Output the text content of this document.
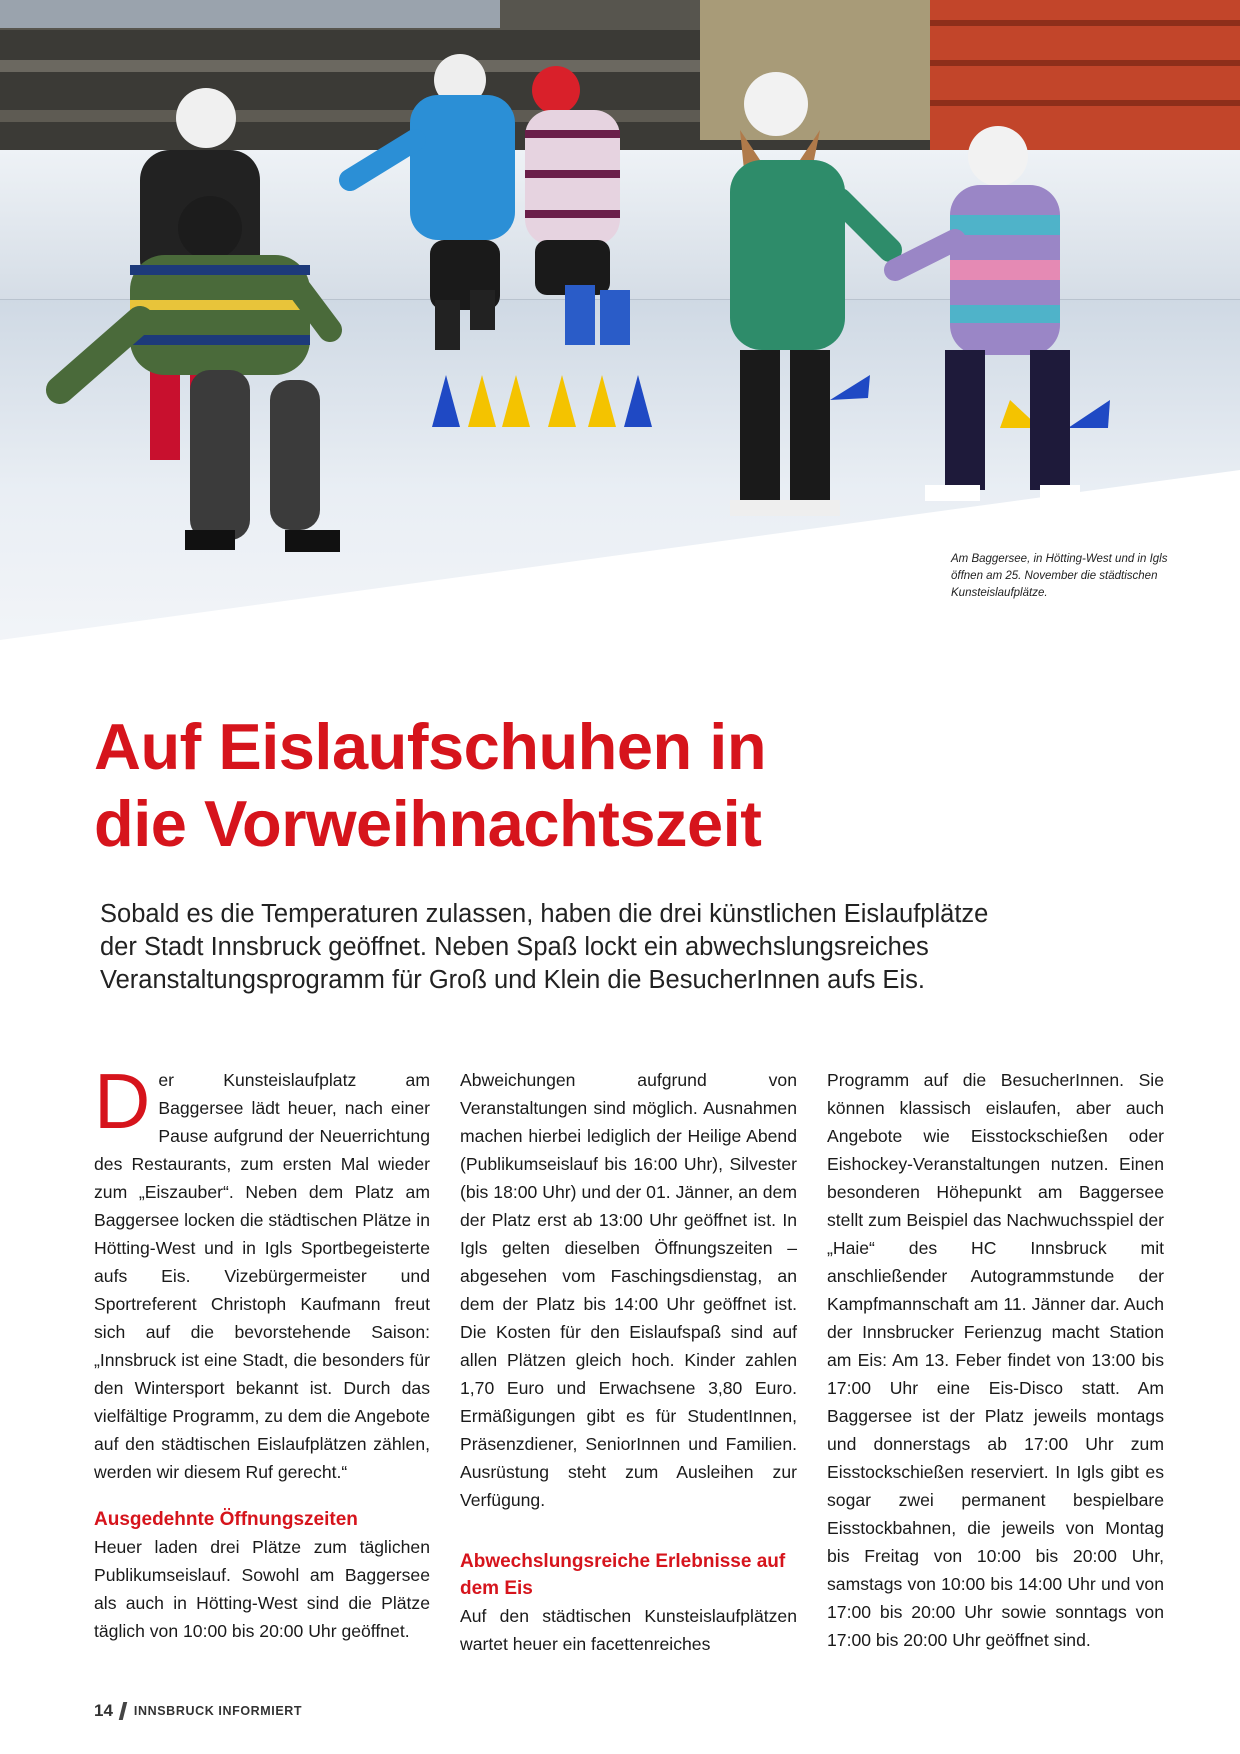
Am Baggersee, in Hötting-West und in Igls öffnen am 25. November die städtischen Kunsteislaufplätze.
Auf Eislaufschuhen in
die Vorweihnachtszeit
Sobald es die Temperaturen zulassen, haben die drei künstlichen Eislaufplätze
der Stadt Innsbruck geöffnet. Neben Spaß lockt ein abwechslungsreiches
Veranstaltungsprogramm für Groß und Klein die BesucherInnen aufs Eis.

Der Kunsteislaufplatz am Baggersee lädt heuer, nach einer Pause aufgrund der Neuerrichtung des Restaurants, zum ersten Mal wieder zum „Eiszauber“. Neben dem Platz am Baggersee locken die städtischen Plätze in Hötting-West und in Igls Sportbegeisterte aufs Eis. Vizebürgermeister und Sportreferent Christoph Kaufmann freut sich auf die bevorstehende Saison: „Innsbruck ist eine Stadt, die besonders für den Wintersport bekannt ist. Durch das vielfältige Programm, zu dem die Angebote auf den städtischen Eislaufplätzen zählen, werden wir diesem Ruf gerecht.“

Ausgedehnte Öffnungszeiten

Heuer laden drei Plätze zum täglichen Publikumseislauf. Sowohl am Baggersee als auch in Hötting-West sind die Plätze täglich von 10:00 bis 20:00 Uhr geöffnet.

Abweichungen aufgrund von Veranstaltungen sind möglich. Ausnahmen machen hierbei lediglich der Heilige Abend (Publikumseislauf bis 16:00 Uhr), Silvester (bis 18:00 Uhr) und der 01. Jänner, an dem der Platz erst ab 13:00 Uhr geöffnet ist. In Igls gelten dieselben Öffnungszeiten – abgesehen vom Faschingsdienstag, an dem der Platz bis 14:00 Uhr geöffnet ist. Die Kosten für den Eislaufspaß sind auf allen Plätzen gleich hoch. Kinder zahlen 1,70 Euro und Erwachsene 3,80 Euro. Ermäßigungen gibt es für StudentInnen, Präsenzdiener, SeniorInnen und Familien. Ausrüstung steht zum Ausleihen zur Verfügung.

Abwechslungsreiche Erlebnisse auf dem Eis

Auf den städtischen Kunsteislaufplätzen wartet heuer ein facettenreiches

Programm auf die BesucherInnen. Sie können klassisch eislaufen, aber auch Angebote wie Eisstockschießen oder Eishockey-Veranstaltungen nutzen. Einen besonderen Höhepunkt am Baggersee stellt zum Beispiel das Nachwuchsspiel der „Haie“ des HC Innsbruck mit anschließender Autogrammstunde der Kampfmannschaft am 11. Jänner dar. Auch der Innsbrucker Ferienzug macht Station am Eis: Am 13. Feber findet von 13:00 bis 17:00 Uhr eine Eis-Disco statt. Am Baggersee ist der Platz jeweils montags und donnerstags ab 17:00 Uhr zum Eisstockschießen reserviert. In Igls gibt es sogar zwei permanent bespielbare Eisstockbahnen, die jeweils von Montag bis Freitag von 10:00 bis 20:00 Uhr, samstags von 10:00 bis 14:00 Uhr und von 17:00 bis 20:00 Uhr sowie sonntags von 17:00 bis 20:00 Uhr geöffnet sind.

14 INNSBRUCK INFORMIERT
